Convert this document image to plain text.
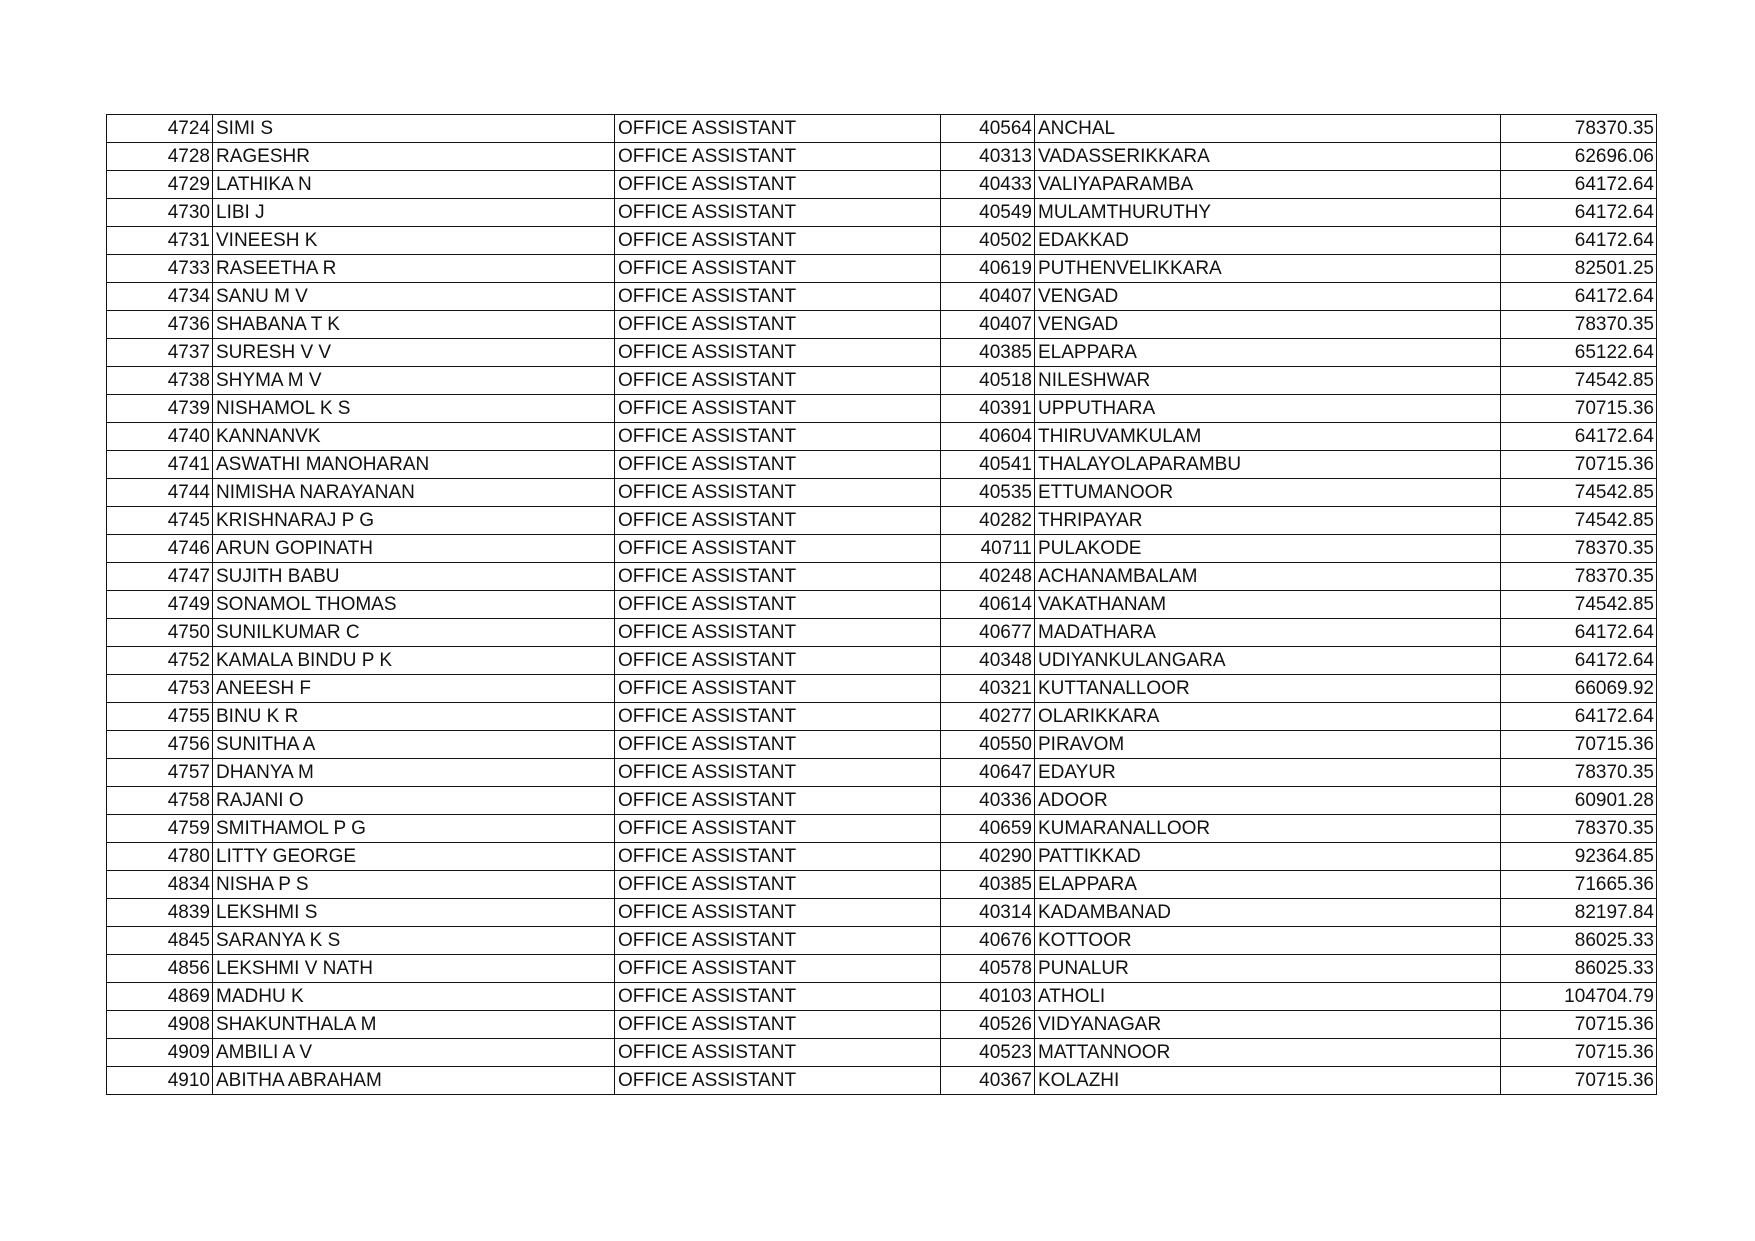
4724	SIMI S	OFFICE ASSISTANT	40564	ANCHAL	78370.35
4728	RAGESHR	OFFICE ASSISTANT	40313	VADASSERIKKARA	62696.06
4729	LATHIKA N	OFFICE ASSISTANT	40433	VALIYAPARAMBA	64172.64
4730	LIBI J	OFFICE ASSISTANT	40549	MULAMTHURUTHY	64172.64
4731	VINEESH K	OFFICE ASSISTANT	40502	EDAKKAD	64172.64
4733	RASEETHA R	OFFICE ASSISTANT	40619	PUTHENVELIKKARA	82501.25
4734	SANU M V	OFFICE ASSISTANT	40407	VENGAD	64172.64
4736	SHABANA T K	OFFICE ASSISTANT	40407	VENGAD	78370.35
4737	SURESH V V	OFFICE ASSISTANT	40385	ELAPPARA	65122.64
4738	SHYMA M V	OFFICE ASSISTANT	40518	NILESHWAR	74542.85
4739	NISHAMOL K S	OFFICE ASSISTANT	40391	UPPUTHARA	70715.36
4740	KANNANVK	OFFICE ASSISTANT	40604	THIRUVAMKULAM	64172.64
4741	ASWATHI MANOHARAN	OFFICE ASSISTANT	40541	THALAYOLAPARAMBU	70715.36
4744	NIMISHA NARAYANAN	OFFICE ASSISTANT	40535	ETTUMANOOR	74542.85
4745	KRISHNARAJ P G	OFFICE ASSISTANT	40282	THRIPAYAR	74542.85
4746	ARUN GOPINATH	OFFICE ASSISTANT	40711	PULAKODE	78370.35
4747	SUJITH BABU	OFFICE ASSISTANT	40248	ACHANAMBALAM	78370.35
4749	SONAMOL THOMAS	OFFICE ASSISTANT	40614	VAKATHANAM	74542.85
4750	SUNILKUMAR C	OFFICE ASSISTANT	40677	MADATHARA	64172.64
4752	KAMALA BINDU P K	OFFICE ASSISTANT	40348	UDIYANKULANGARA	64172.64
4753	ANEESH F	OFFICE ASSISTANT	40321	KUTTANALLOOR	66069.92
4755	BINU K R	OFFICE ASSISTANT	40277	OLARIKKARA	64172.64
4756	SUNITHA A	OFFICE ASSISTANT	40550	PIRAVOM	70715.36
4757	DHANYA M	OFFICE ASSISTANT	40647	EDAYUR	78370.35
4758	RAJANI O	OFFICE ASSISTANT	40336	ADOOR	60901.28
4759	SMITHAMOL P G	OFFICE ASSISTANT	40659	KUMARANALLOOR	78370.35
4780	LITTY GEORGE	OFFICE ASSISTANT	40290	PATTIKKAD	92364.85
4834	NISHA P S	OFFICE ASSISTANT	40385	ELAPPARA	71665.36
4839	LEKSHMI S	OFFICE ASSISTANT	40314	KADAMBANAD	82197.84
4845	SARANYA K S	OFFICE ASSISTANT	40676	KOTTOOR	86025.33
4856	LEKSHMI V NATH	OFFICE ASSISTANT	40578	PUNALUR	86025.33
4869	MADHU K	OFFICE ASSISTANT	40103	ATHOLI	104704.79
4908	SHAKUNTHALA M	OFFICE ASSISTANT	40526	VIDYANAGAR	70715.36
4909	AMBILI A V	OFFICE ASSISTANT	40523	MATTANNOOR	70715.36
4910	ABITHA ABRAHAM	OFFICE ASSISTANT	40367	KOLAZHI	70715.36
